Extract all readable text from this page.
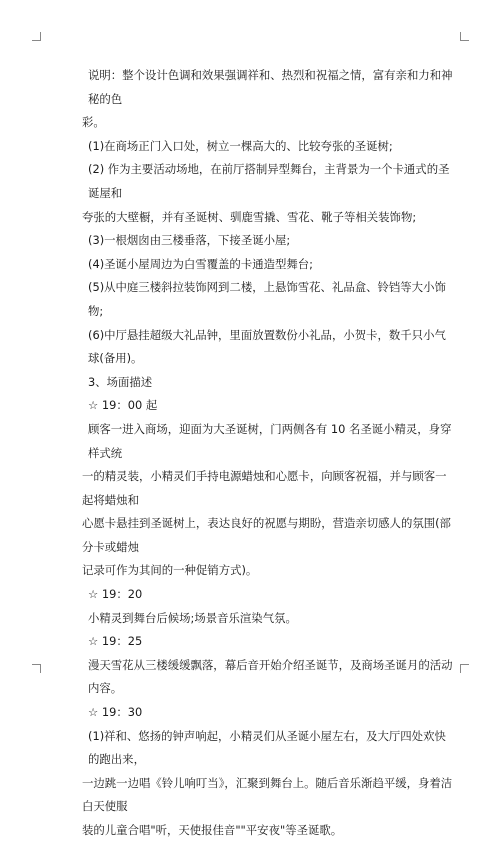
说明：整个设计色调和效果强调祥和、热烈和祝福之情，富有亲和力和神秘的色
彩。
(1)在商场正门入口处，树立一棵高大的、比较夸张的圣诞树;
(2) 作为主要活动场地，在前厅搭制异型舞台，主背景为一个卡通式的圣诞屋和
夸张的大壁橱，并有圣诞树、驯鹿雪撬、雪花、靴子等相关装饰物;
(3)一根烟囱由三楼垂落，下接圣诞小屋;
(4)圣诞小屋周边为白雪覆盖的卡通造型舞台;
(5)从中庭三楼斜拉装饰网到二楼，上悬饰雪花、礼品盒、铃铛等大小饰物;
(6)中厅悬挂超级大礼品钟，里面放置数份小礼品，小贺卡，数千只小气球(备用)。
3、场面描述
☆ 19：00 起
顾客一进入商场，迎面为大圣诞树，门两侧各有 10 名圣诞小精灵，身穿样式统
一的精灵装，小精灵们手持电源蜡烛和心愿卡，向顾客祝福，并与顾客一起将蜡烛和
心愿卡悬挂到圣诞树上，表达良好的祝愿与期盼，营造亲切感人的氛围(部分卡或蜡烛
记录可作为其间的一种促销方式)。
☆ 19：20
小精灵到舞台后候场;场景音乐渲染气氛。
☆ 19：25
漫天雪花从三楼缓缓飘落，幕后音开始介绍圣诞节，及商场圣诞月的活动内容。
☆ 19：30
(1)祥和、悠扬的钟声响起，小精灵们从圣诞小屋左右，及大厅四处欢快的跑出来，
一边跳一边唱《铃儿响叮当》，汇聚到舞台上。随后音乐渐趋平缓，身着洁白天使服
装的儿童合唱"听，天使报佳音""平安夜"等圣诞歌。
